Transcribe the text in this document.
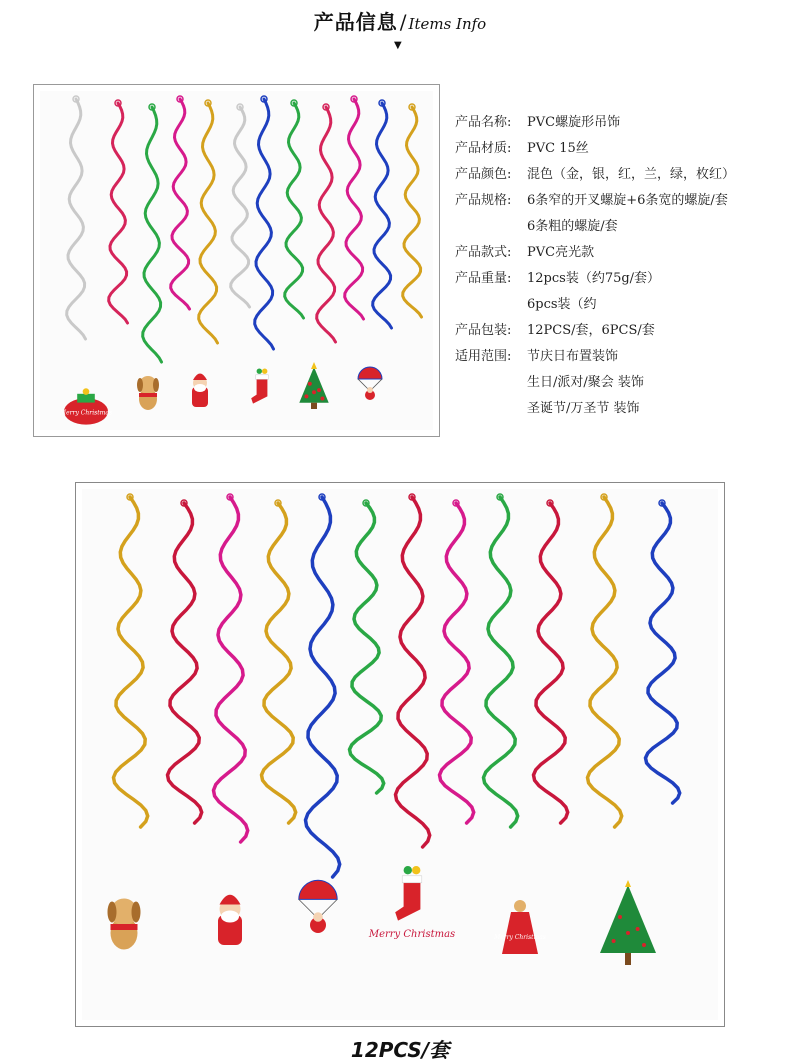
产品信息 / Items Info
▼
Merry Christmas
产品名称:	PVC螺旋形吊饰
产品材质:	PVC 15丝
产品颜色:	混色（金，银，红，兰，绿，枚红）
产品规格:	6条窄的开叉螺旋+6条宽的螺旋/套
6条粗的螺旋/套
产品款式:	PVC亮光款
产品重量:	12pcs装（约75g/套）
6pcs装（约
产品包装:	12PCS/套，6PCS/套
适用范围:	节庆日布置装饰
生日/派对/聚会 装饰
圣诞节/万圣节 装饰
Merry Christmas	Merry Christmas
12PCS/套
